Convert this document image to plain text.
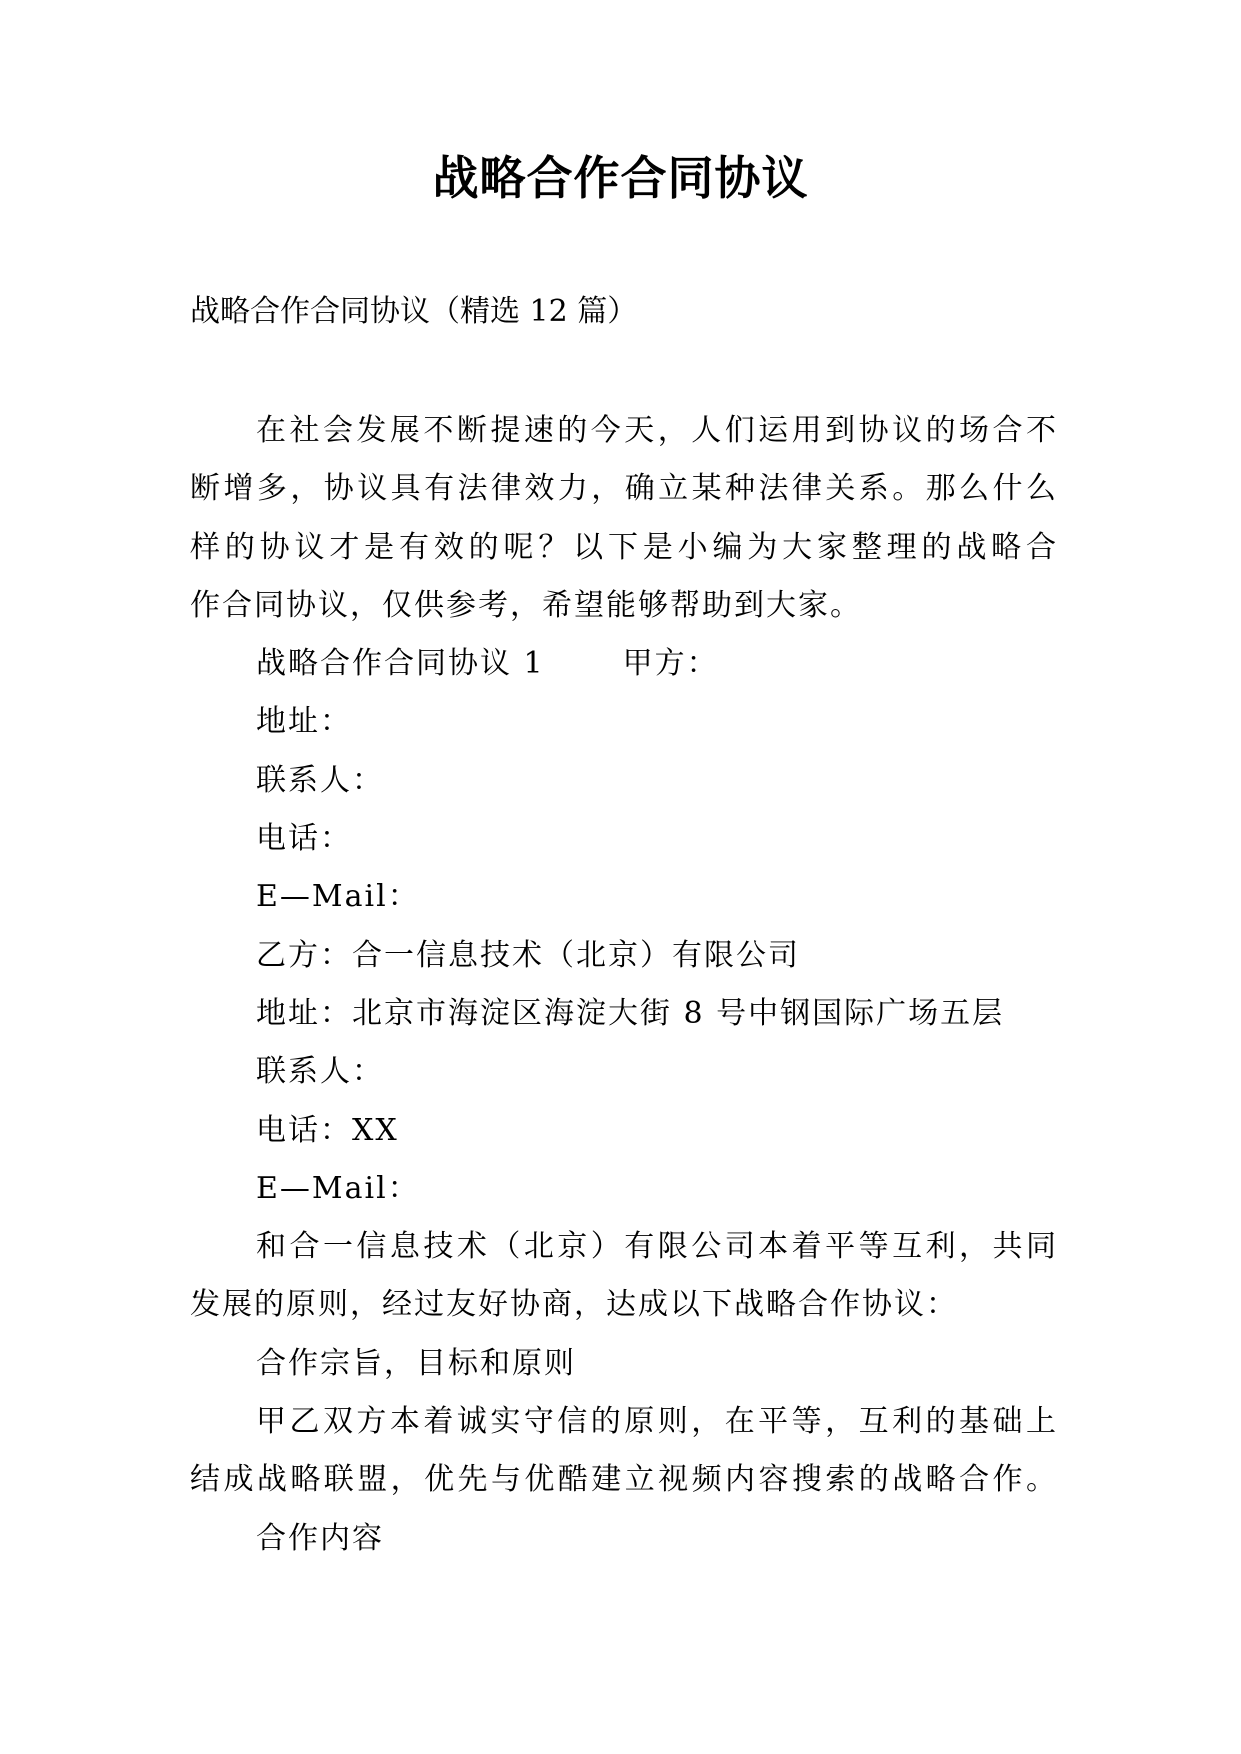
战略合作合同协议

战略合作合同协议（精选 12 篇）

在社会发展不断提速的今天，人们运用到协议的场合不

断增多，协议具有法律效力，确立某种法律关系。那么什么

样的协议才是有效的呢？以下是小编为大家整理的战略合

作合同协议，仅供参考，希望能够帮助到大家。

战略合作合同协议 1	甲方：

地址：

联系人：

电话：

E—Mail：

乙方：合一信息技术（北京）有限公司

地址：北京市海淀区海淀大街 8 号中钢国际广场五层

联系人：

电话：XX

E—Mail：

和合一信息技术（北京）有限公司本着平等互利，共同

发展的原则，经过友好协商，达成以下战略合作协议：

合作宗旨，目标和原则

甲乙双方本着诚实守信的原则，在平等，互利的基础上

结成战略联盟，优先与优酷建立视频内容搜索的战略合作。

合作内容
